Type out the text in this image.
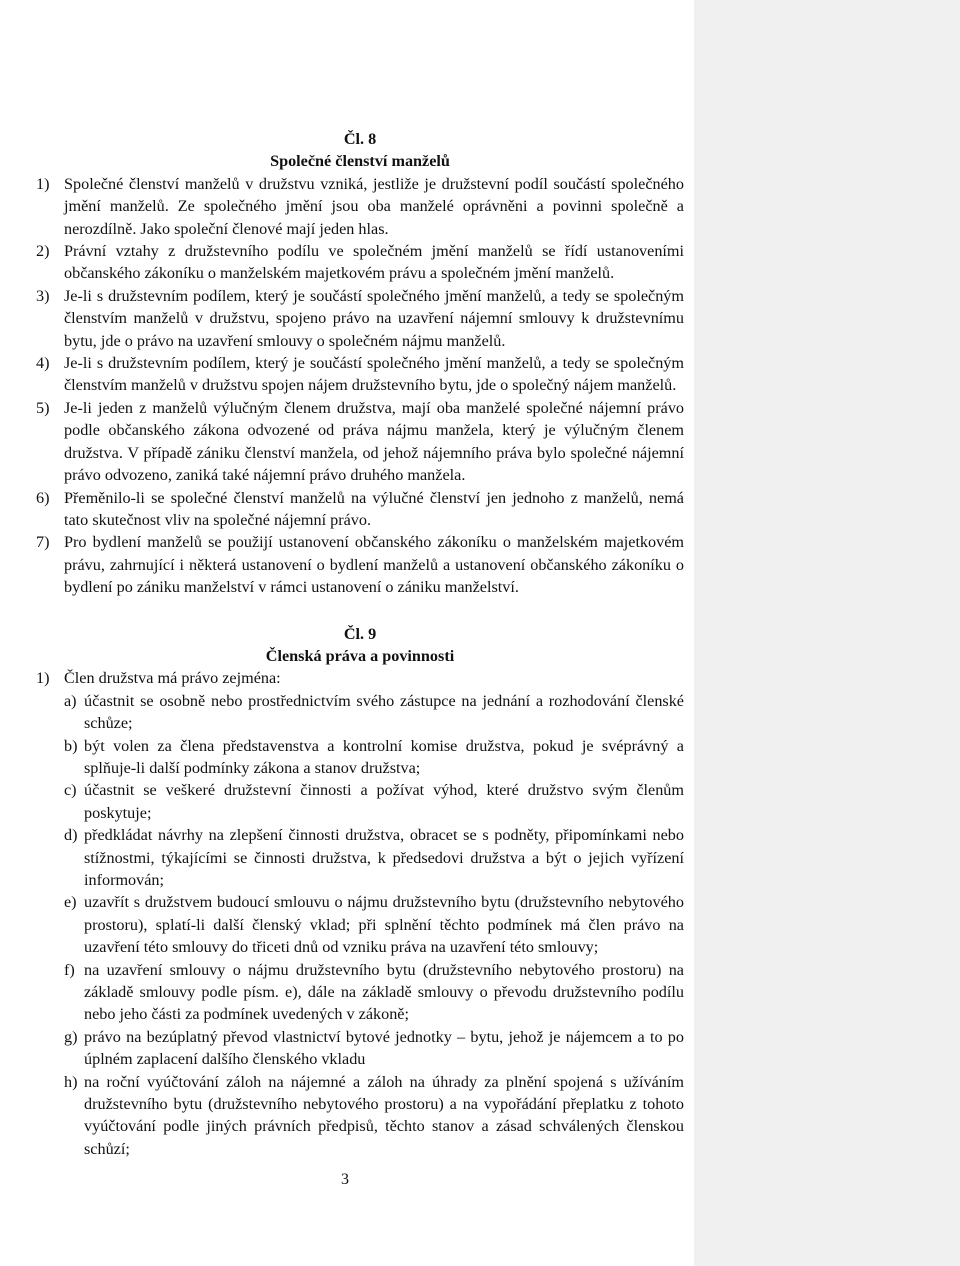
Čl. 8
Společné členství manželů
1) Společné členství manželů v družstvu vzniká, jestliže je družstevní podíl součástí společného jmění manželů. Ze společného jmění jsou oba manželé oprávněni a povinni společně a nerozdílně. Jako společní členové mají jeden hlas.
2) Právní vztahy z družstevního podílu ve společném jmění manželů se řídí ustanoveními občanského zákoníku o manželském majetkovém právu a společném jmění manželů.
3) Je-li s družstevním podílem, který je součástí společného jmění manželů, a tedy se společným členstvím manželů v družstvu, spojeno právo na uzavření nájemní smlouvy k družstevnímu bytu, jde o právo na uzavření smlouvy o společném nájmu manželů.
4) Je-li s družstevním podílem, který je součástí společného jmění manželů, a tedy se společným členstvím manželů v družstvu spojen nájem družstevního bytu, jde o společný nájem manželů.
5) Je-li jeden z manželů výlučným členem družstva, mají oba manželé společné nájemní právo podle občanského zákona odvozené od práva nájmu manžela, který je výlučným členem družstva. V případě zániku členství manžela, od jehož nájemního práva bylo společné nájemní právo odvozeno, zaniká také nájemní právo druhého manžela.
6) Přeměnilo-li se společné členství manželů na výlučné členství jen jednoho z manželů, nemá tato skutečnost vliv na společné nájemní právo.
7) Pro bydlení manželů se použijí ustanovení občanského zákoníku o manželském majetkovém právu, zahrnující i některá ustanovení o bydlení manželů a ustanovení občanského zákoníku o bydlení po zániku manželství v rámci ustanovení o zániku manželství.
Čl. 9
Členská práva a povinnosti
1) Člen družstva má právo zejména:
a) účastnit se osobně nebo prostřednictvím svého zástupce na jednání a rozhodování členské schůze;
b) být volen za člena představenstva a kontrolní komise družstva, pokud je svéprávný a splňuje-li další podmínky zákona a stanov družstva;
c) účastnit se veškeré družstevní činnosti a požívat výhod, které družstvo svým členům poskytuje;
d) předkládat návrhy na zlepšení činnosti družstva, obracet se s podněty, připomínkami nebo stížnostmi, týkajícími se činnosti družstva, k předsedovi družstva a být o jejich vyřízení informován;
e) uzavřít s družstvem budoucí smlouvu o nájmu družstevního bytu (družstevního nebytového prostoru), splatí-li další členský vklad; při splnění těchto podmínek má člen právo na uzavření této smlouvy do třiceti dnů od vzniku práva na uzavření této smlouvy;
f) na uzavření smlouvy o nájmu družstevního bytu (družstevního nebytového prostoru) na základě smlouvy podle písm. e), dále na základě smlouvy o převodu družstevního podílu nebo jeho části za podmínek uvedených v zákoně;
g) právo na bezúplatný převod vlastnictví bytové jednotky – bytu, jehož je nájemcem a to po úplném zaplacení dalšího členského vkladu
h) na roční vyúčtování záloh na nájemné a záloh na úhrady za plnění spojená s užíváním družstevního bytu (družstevního nebytového prostoru) a na vypořádání přeplatku z tohoto vyúčtování podle jiných právních předpisů, těchto stanov a zásad schválených členskou schůzí;
3
